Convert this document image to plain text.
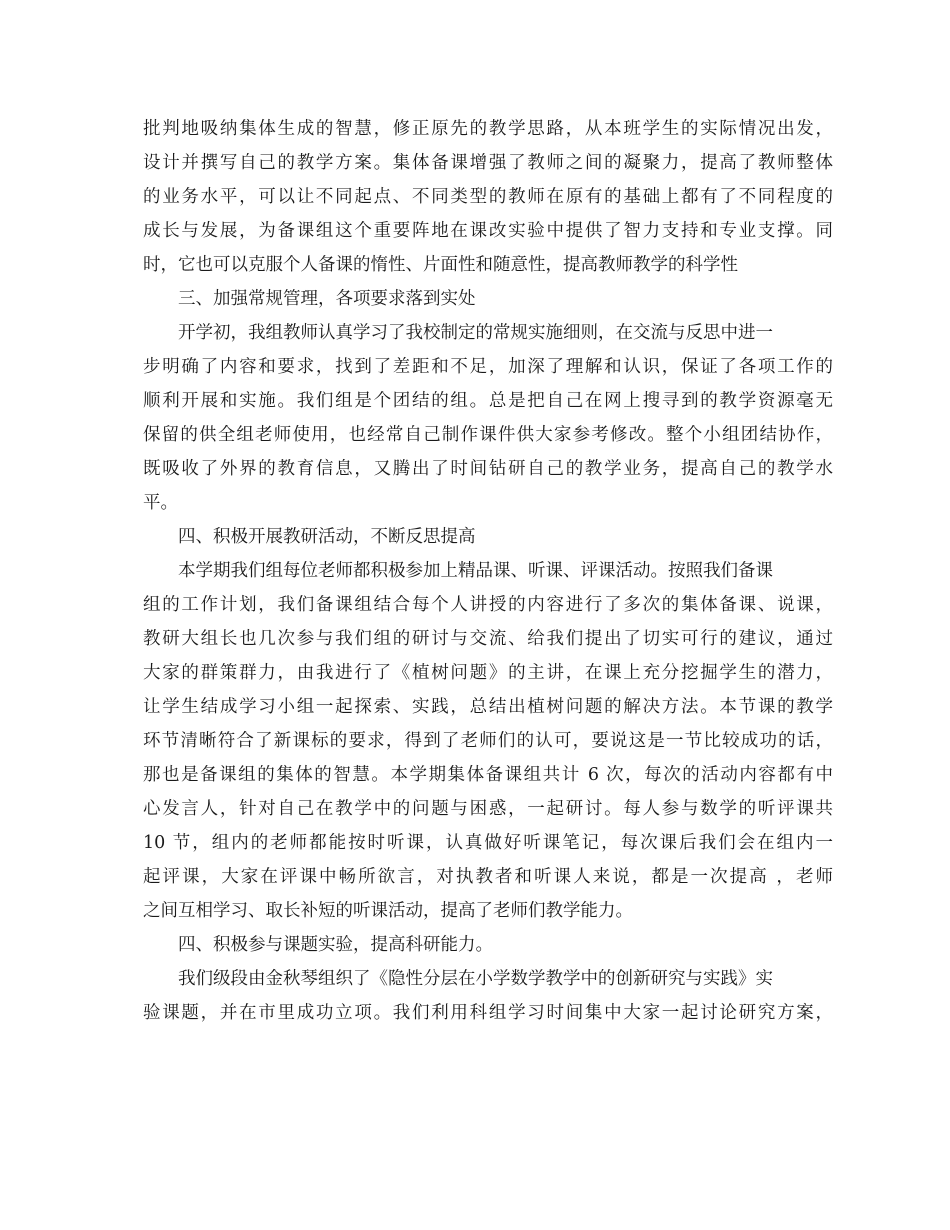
批判地吸纳集体生成的智慧，修正原先的教学思路，从本班学生的实际情况出发，
设计并撰写自己的教学方案。集体备课增强了教师之间的凝聚力，提高了教师整体
的业务水平，可以让不同起点、不同类型的教师在原有的基础上都有了不同程度的
成长与发展，为备课组这个重要阵地在课改实验中提供了智力支持和专业支撑。同
时，它也可以克服个人备课的惰性、片面性和随意性，提高教师教学的科学性
三、加强常规管理，各项要求落到实处
开学初，我组教师认真学习了我校制定的常规实施细则，在交流与反思中进一
步明确了内容和要求，找到了差距和不足，加深了理解和认识，保证了各项工作的
顺利开展和实施。我们组是个团结的组。总是把自己在网上搜寻到的教学资源毫无
保留的供全组老师使用，也经常自己制作课件供大家参考修改。整个小组团结协作，
既吸收了外界的教育信息，又腾出了时间钻研自己的教学业务，提高自己的教学水
平。
四、积极开展教研活动，不断反思提高
本学期我们组每位老师都积极参加上精品课、听课、评课活动。按照我们备课
组的工作计划，我们备课组结合每个人讲授的内容进行了多次的集体备课、说课，
教研大组长也几次参与我们组的研讨与交流、给我们提出了切实可行的建议，通过
大家的群策群力，由我进行了《植树问题》的主讲，在课上充分挖掘学生的潜力，
让学生结成学习小组一起探索、实践，总结出植树问题的解决方法。本节课的教学
环节清晰符合了新课标的要求，得到了老师们的认可，要说这是一节比较成功的话，
那也是备课组的集体的智慧。本学期集体备课组共计 6 次，每次的活动内容都有中
心发言人，针对自己在教学中的问题与困惑，一起研讨。每人参与数学的听评课共
10 节，组内的老师都能按时听课，认真做好听课笔记，每次课后我们会在组内一
起评课，大家在评课中畅所欲言，对执教者和听课人来说，都是一次提高 ，老师
之间互相学习、取长补短的听课活动，提高了老师们教学能力。
四、积极参与课题实验，提高科研能力。
我们级段由金秋琴组织了《隐性分层在小学数学教学中的创新研究与实践》实
验课题，并在市里成功立项。我们利用科组学习时间集中大家一起讨论研究方案，
